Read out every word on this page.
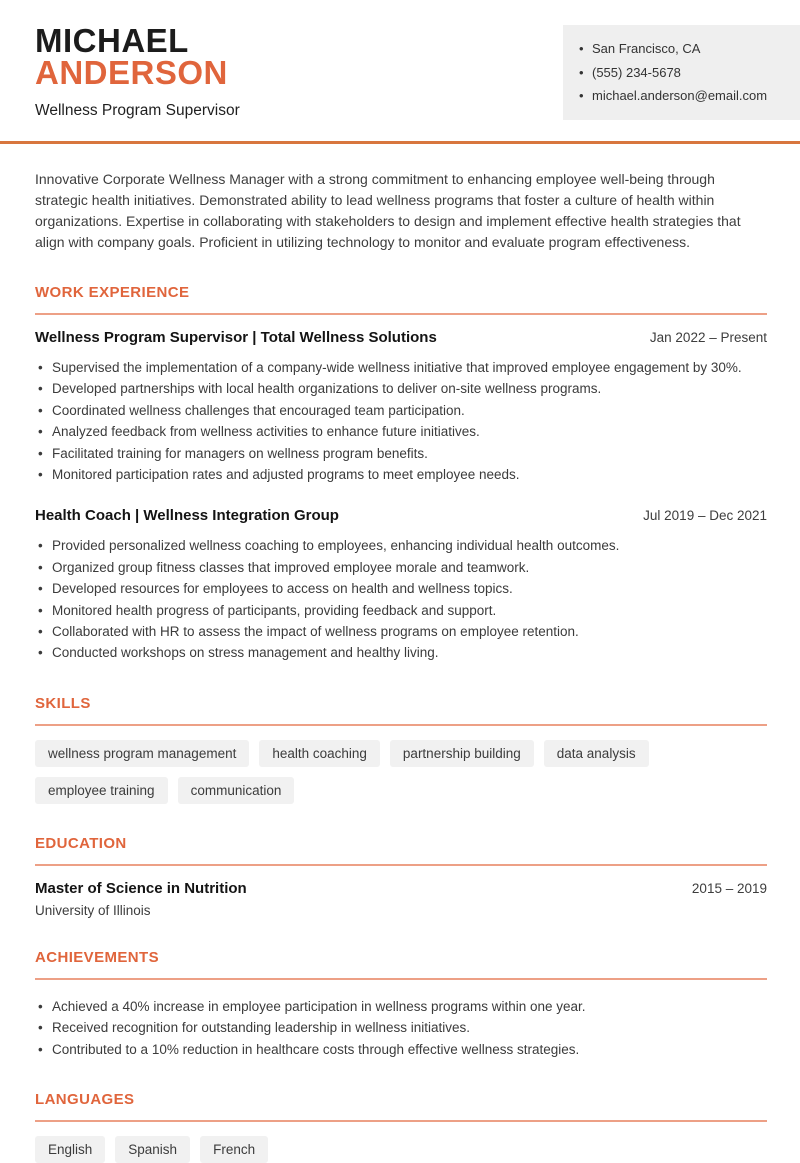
MICHAEL
ANDERSON
Wellness Program Supervisor
• San Francisco, CA
• (555) 234-5678
• michael.anderson@email.com

Innovative Corporate Wellness Manager with a strong commitment to enhancing employee well-being through strategic health initiatives. Demonstrated ability to lead wellness programs that foster a culture of health within organizations. Expertise in collaborating with stakeholders to design and implement effective health strategies that align with company goals. Proficient in utilizing technology to monitor and evaluate program effectiveness.

WORK EXPERIENCE
Wellness Program Supervisor | Total Wellness Solutions	Jan 2022 – Present
• Supervised the implementation of a company-wide wellness initiative that improved employee engagement by 30%.
• Developed partnerships with local health organizations to deliver on-site wellness programs.
• Coordinated wellness challenges that encouraged team participation.
• Analyzed feedback from wellness activities to enhance future initiatives.
• Facilitated training for managers on wellness program benefits.
• Monitored participation rates and adjusted programs to meet employee needs.
Health Coach | Wellness Integration Group	Jul 2019 – Dec 2021
• Provided personalized wellness coaching to employees, enhancing individual health outcomes.
• Organized group fitness classes that improved employee morale and teamwork.
• Developed resources for employees to access on health and wellness topics.
• Monitored health progress of participants, providing feedback and support.
• Collaborated with HR to assess the impact of wellness programs on employee retention.
• Conducted workshops on stress management and healthy living.
SKILLS
wellness program management	health coaching	partnership building	data analysis
employee training	communication
EDUCATION
Master of Science in Nutrition	2015 – 2019
University of Illinois
ACHIEVEMENTS
• Achieved a 40% increase in employee participation in wellness programs within one year.
• Received recognition for outstanding leadership in wellness initiatives.
• Contributed to a 10% reduction in healthcare costs through effective wellness strategies.
LANGUAGES
English	Spanish	French
